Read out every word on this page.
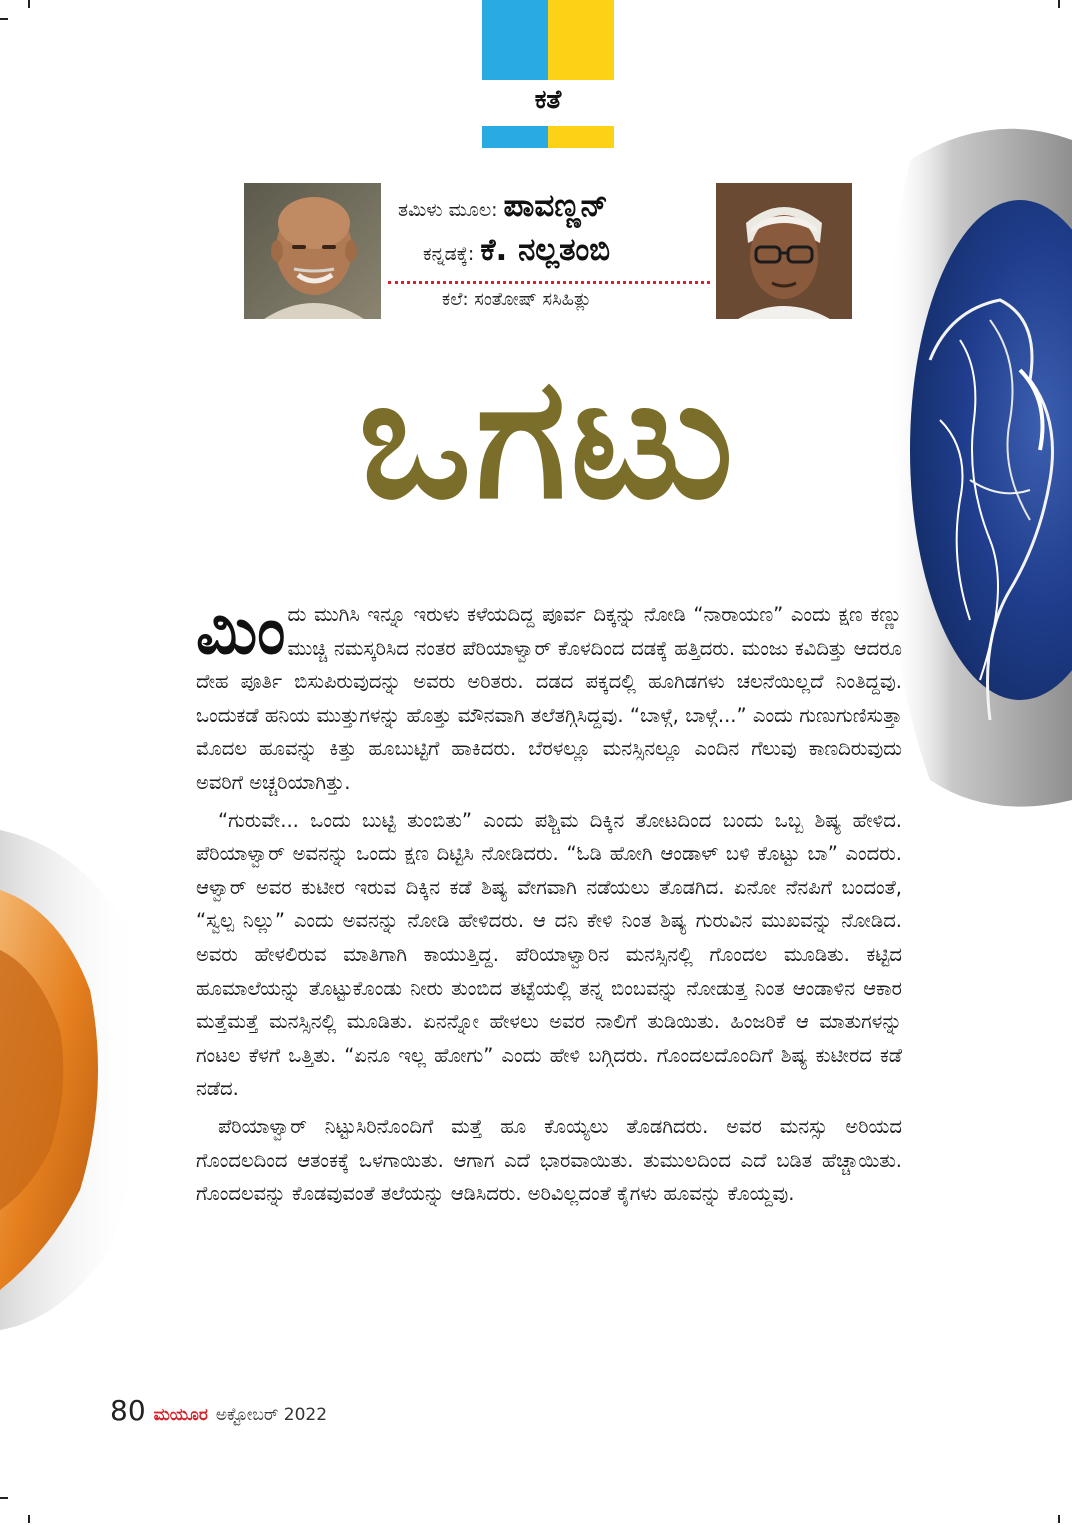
ಕತೆ
ತಮಿಳು ಮೂಲ: ಪಾವಣ್ಣನ್
ಕನ್ನಡಕ್ಕೆ: ಕೆ. ನಲ್ಲತಂಬಿ
ಕಲೆ: ಸಂತೋಷ್ ಸಸಿಹಿತ್ಲು
ಒಗಟು

ಮಿಂದು ಮುಗಿಸಿ ಇನ್ನೂ ಇರುಳು ಕಳೆಯದಿದ್ದ ಪೂರ್ವ ದಿಕ್ಕನ್ನು ನೋಡಿ “ನಾರಾಯಣ” ಎಂದು ಕ್ಷಣ ಕಣ್ಣು ಮುಚ್ಚಿ ನಮಸ್ಕರಿಸಿದ ನಂತರ ಪೆರಿಯಾಳ್ವಾರ್ ಕೊಳದಿಂದ ದಡಕ್ಕೆ ಹತ್ತಿದರು. ಮಂಜು ಕವಿದಿತ್ತು ಆದರೂ ದೇಹ ಪೂರ್ತಿ ಬಿಸುಪಿರುವುದನ್ನು ಅವರು ಅರಿತರು. ದಡದ ಪಕ್ಕದಲ್ಲಿ ಹೂಗಿಡಗಳು ಚಲನೆಯಿಲ್ಲದೆ ನಿಂತಿದ್ದವು. ಒಂದುಕಡೆ ಹನಿಯ ಮುತ್ತುಗಳನ್ನು ಹೊತ್ತು ಮೌನವಾಗಿ ತಲೆತಗ್ಗಿಸಿದ್ದವು. “ಬಾಳ್ಗೆ, ಬಾಳ್ಗೆ...” ಎಂದು ಗುಣುಗುಣಿಸುತ್ತಾ ಮೊದಲ ಹೂವನ್ನು ಕಿತ್ತು ಹೂಬುಟ್ಟಿಗೆ ಹಾಕಿದರು. ಬೆರಳಲ್ಲೂ ಮನಸ್ಸಿನಲ್ಲೂ ಎಂದಿನ ಗೆಲುವು ಕಾಣದಿರುವುದು ಅವರಿಗೆ ಅಚ್ಚರಿಯಾಗಿತ್ತು.

“ಗುರುವೇ... ಒಂದು ಬುಟ್ಟಿ ತುಂಬಿತು” ಎಂದು ಪಶ್ಚಿಮ ದಿಕ್ಕಿನ ತೋಟದಿಂದ ಬಂದು ಒಬ್ಬ ಶಿಷ್ಯ ಹೇಳಿದ. ಪೆರಿಯಾಳ್ವಾರ್ ಅವನನ್ನು ಒಂದು ಕ್ಷಣ ದಿಟ್ಟಿಸಿ ನೋಡಿದರು. “ಓಡಿ ಹೋಗಿ ಆಂಡಾಳ್ ಬಳಿ ಕೊಟ್ಟು ಬಾ” ಎಂದರು. ಆಳ್ವಾರ್ ಅವರ ಕುಟೀರ ಇರುವ ದಿಕ್ಕಿನ ಕಡೆ ಶಿಷ್ಯ ವೇಗವಾಗಿ ನಡೆಯಲು ತೊಡಗಿದ. ಏನೋ ನೆನಪಿಗೆ ಬಂದಂತೆ, “ಸ್ವಲ್ಪ ನಿಲ್ಲು” ಎಂದು ಅವನನ್ನು ನೋಡಿ ಹೇಳಿದರು. ಆ ದನಿ ಕೇಳಿ ನಿಂತ ಶಿಷ್ಯ ಗುರುವಿನ ಮುಖವನ್ನು ನೋಡಿದ. ಅವರು ಹೇಳಲಿರುವ ಮಾತಿಗಾಗಿ ಕಾಯುತ್ತಿದ್ದ. ಪೆರಿಯಾಳ್ವಾರಿನ ಮನಸ್ಸಿನಲ್ಲಿ ಗೊಂದಲ ಮೂಡಿತು. ಕಟ್ಟಿದ ಹೂಮಾಲೆಯನ್ನು ತೊಟ್ಟುಕೊಂಡು ನೀರು ತುಂಬಿದ ತಟ್ಟೆಯಲ್ಲಿ ತನ್ನ ಬಿಂಬವನ್ನು ನೋಡುತ್ತ ನಿಂತ ಆಂಡಾಳಿನ ಆಕಾರ ಮತ್ತೆಮತ್ತೆ ಮನಸ್ಸಿನಲ್ಲಿ ಮೂಡಿತು. ಏನನ್ನೋ ಹೇಳಲು ಅವರ ನಾಲಿಗೆ ತುಡಿಯಿತು. ಹಿಂಜರಿಕೆ ಆ ಮಾತುಗಳನ್ನು ಗಂಟಲ ಕೆಳಗೆ ಒತ್ತಿತು. “ಏನೂ ಇಲ್ಲ ಹೋಗು” ಎಂದು ಹೇಳಿ ಬಗ್ಗಿದರು. ಗೊಂದಲದೊಂದಿಗೆ ಶಿಷ್ಯ ಕುಟೀರದ ಕಡೆ ನಡೆದ.

ಪೆರಿಯಾಳ್ವಾರ್ ನಿಟ್ಟುಸಿರಿನೊಂದಿಗೆ ಮತ್ತೆ ಹೂ ಕೊಯ್ಯಲು ತೊಡಗಿದರು. ಅವರ ಮನಸ್ಸು ಅರಿಯದ ಗೊಂದಲದಿಂದ ಆತಂಕಕ್ಕೆ ಒಳಗಾಯಿತು. ಆಗಾಗ ಎದೆ ಭಾರವಾಯಿತು. ತುಮುಲದಿಂದ ಎದೆ ಬಡಿತ ಹೆಚ್ಚಾಯಿತು. ಗೊಂದಲವನ್ನು ಕೊಡವುವಂತೆ ತಲೆಯನ್ನು ಆಡಿಸಿದರು. ಅರಿವಿಲ್ಲದಂತೆ ಕೈಗಳು ಹೂವನ್ನು ಕೊಯ್ದವು.

80 ಮಯೂರ ಅಕ್ಟೋಬರ್ 2022
